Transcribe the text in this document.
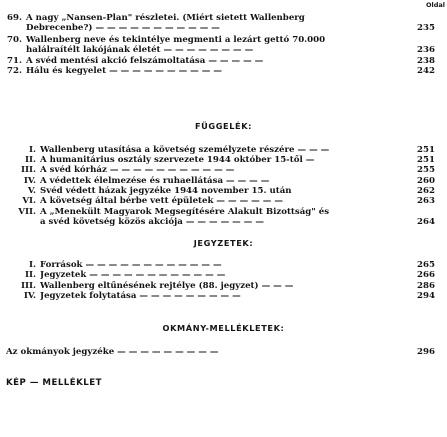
Oldal
69. A nagy „Nansen-Plan" részletei. (Miért sietett Wallenberg
Debrecenbe?) — — — — — — — — — — —	235
70. Wallenberg neve és tekintélye megmenti a lezárt gettó 70.000
halálraítélt lakójának életét — — — — — — — —	236
71. A svéd mentési akció felszámoltatása — — — — —	238
72. Hálu és kegyelet — — — — — — — — — —	242
FÜGGELÉK:
I. Wallenberg utasítása a követség személyzete részére — — —	251
II. A humanitárius osztály szervezete 1944 október 15-től —	251
III. A svéd kórház — — — — — — — — — — —	255
IV. A védettek élelmezése és ruhaellátása — — — —	260
V. Svéd védett házak jegyzéke 1944 november 15. után	262
VI. A követség által bérbe vett épületek — — — — — —	263
VII. A „Menekült Magyarok Megsegítésére Alakult Bizottság" és
a svéd követség közös akciója — — — — — — —	264
JEGYZETEK:
I. Források — — — — — — — — — — — —	265
II. Jegyzetek — — — — — — — — — — — —	266
III. Wallenberg eltűnésének rejtélye (88. jegyzet) — — —	286
IV. Jegyzetek folytatása — — — — — — — — —	294
OKMÁNY-MELLÉKLETEK:
Az okmányok jegyzéke — — — — — — — — —	296
KÉP — MELLÉKLET
